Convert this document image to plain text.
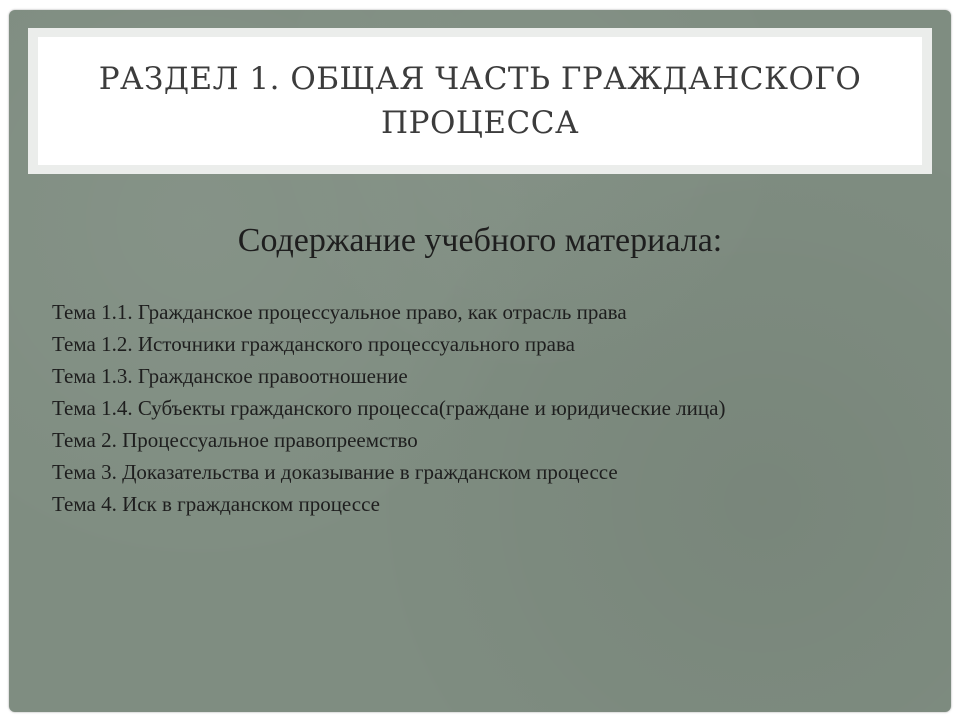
РАЗДЕЛ 1. ОБЩАЯ ЧАСТЬ ГРАЖДАНСКОГО
ПРОЦЕССА
Содержание учебного материала:
Тема 1.1. Гражданское процессуальное право, как отрасль права
Тема 1.2. Источники гражданского процессуального права
Тема 1.3. Гражданское правоотношение
Тема 1.4. Субъекты гражданского процесса(граждане и юридические лица)
Тема 2. Процессуальное правопреемство
Тема 3. Доказательства и доказывание в гражданском процессе
Тема 4. Иск в гражданском процессе
